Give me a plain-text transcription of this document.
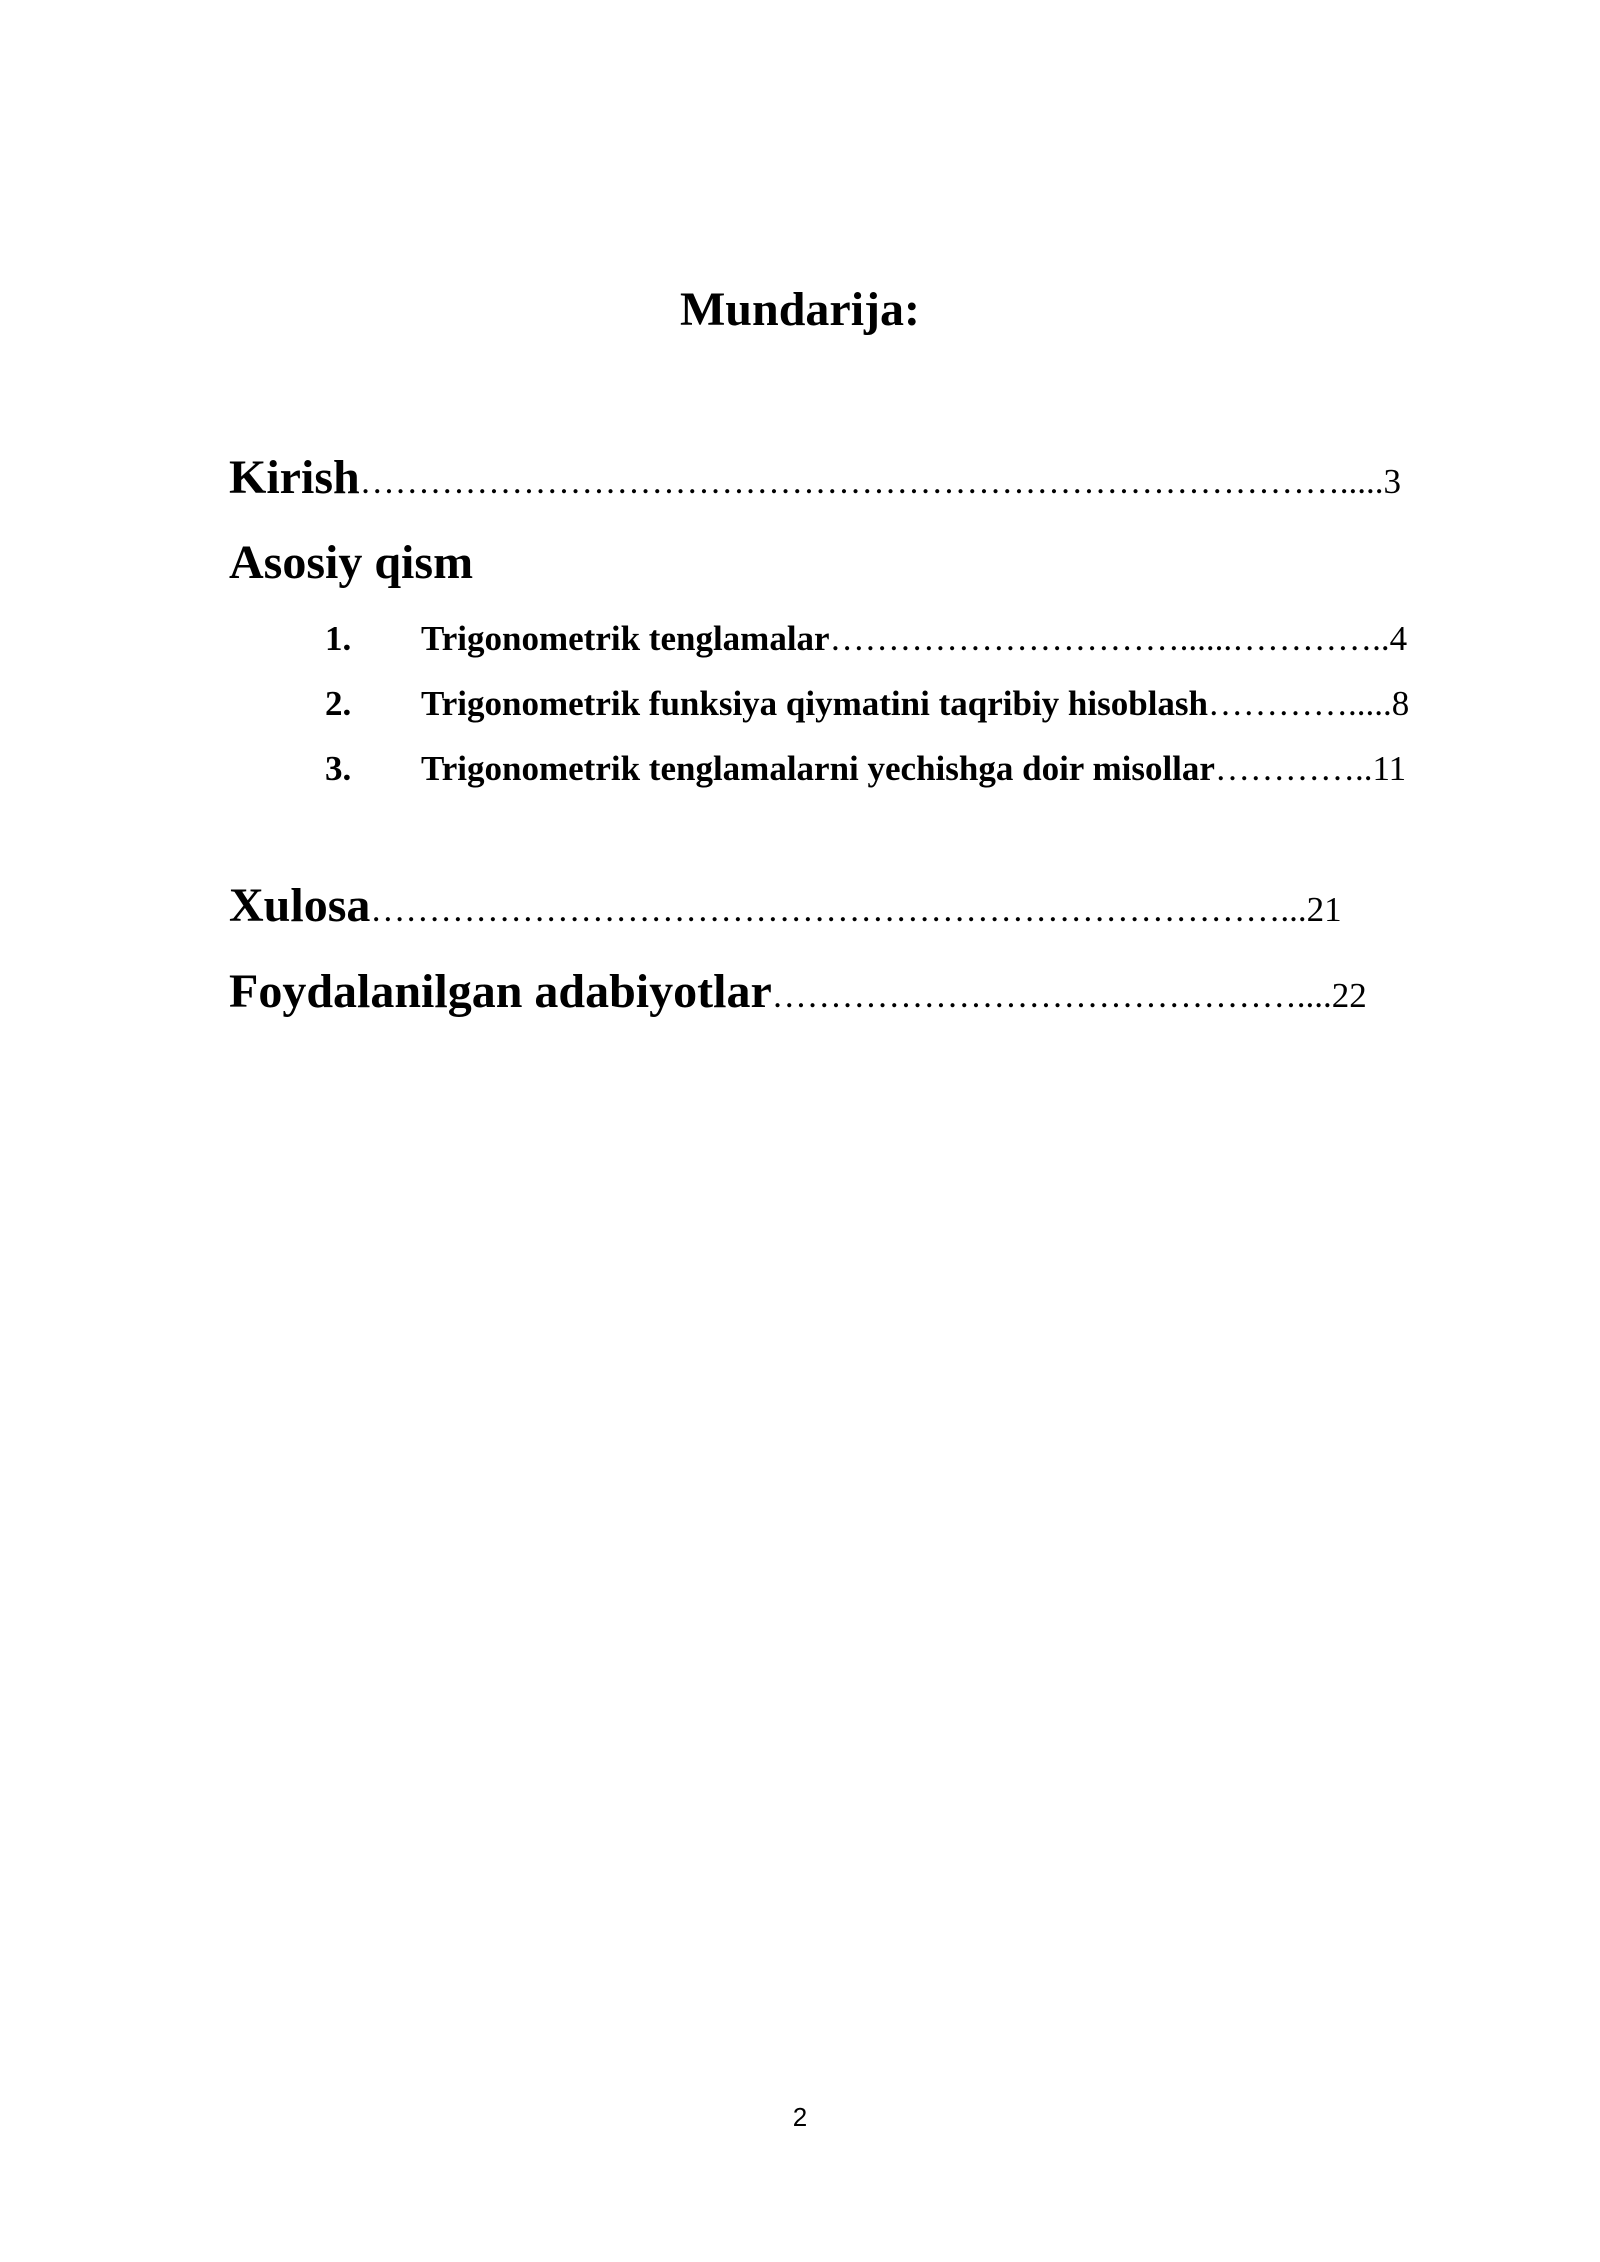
Mundarija:
Kirish………………………………………………………………………….....3
Asosiy qism
1. Trigonometrik tenglamalar…………………………......…………..4
2. Trigonometrik funksiya qiymatini taqribiy hisoblash………….....8
3. Trigonometrik tenglamalarni yechishga doir misollar…………..11
Xulosa……………………………………………………………………...21
Foydalanilgan adabiyotlar………………………………………....22
2
